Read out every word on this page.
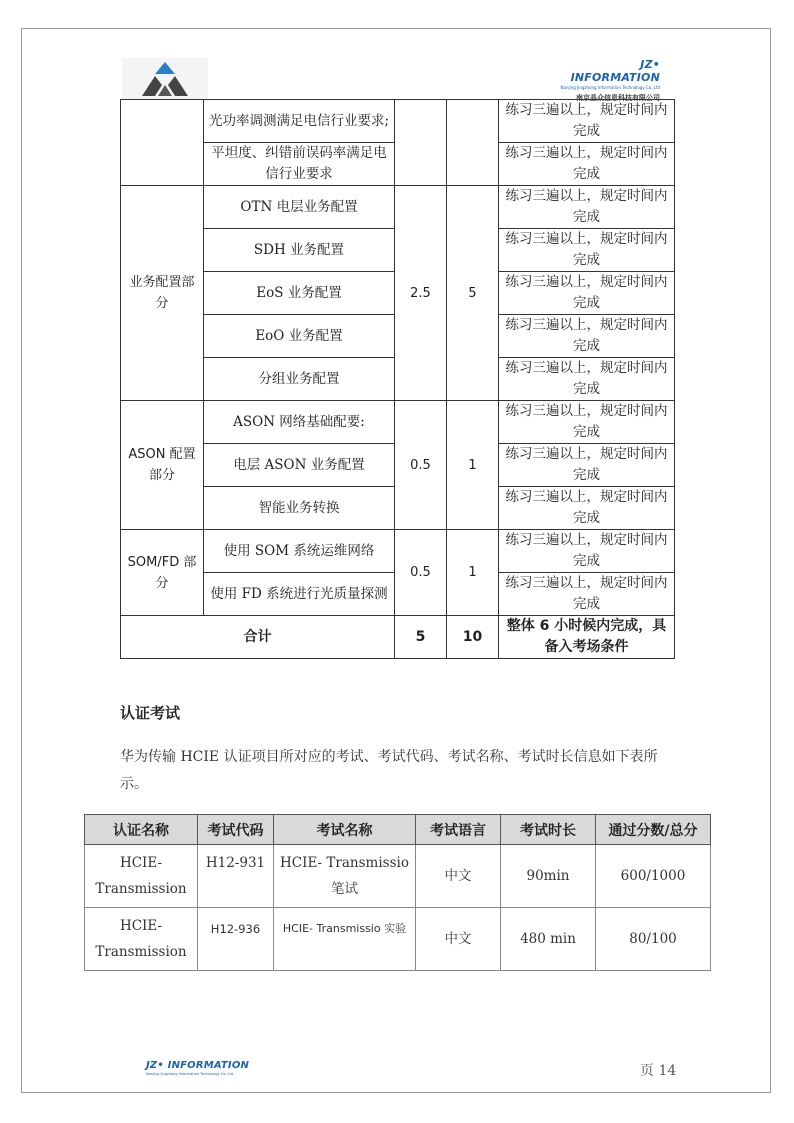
JZ• INFORMATION
Nanjing Jingzhong Information Technology Co.,Ltd
南京晶众信息科技有限公司
	光功率调测满足电信行业要求;			练习三遍以上，规定时间内完成
	平坦度、纠错前误码率满足电信行业要求			练习三遍以上，规定时间内完成
业务配置部分	OTN 电层业务配置	2.5	5	练习三遍以上，规定时间内完成
	SDH 业务配置			练习三遍以上，规定时间内完成
	EoS 业务配置			练习三遍以上，规定时间内完成
	EoO 业务配置			练习三遍以上，规定时间内完成
	分组业务配置			练习三遍以上，规定时间内完成
ASON 配置部分	ASON 网络基础配要:	0.5	1	练习三遍以上，规定时间内完成
	电层 ASON 业务配置			练习三遍以上，规定时间内完成
	智能业务转换			练习三遍以上，规定时间内完成
SOM/FD 部分	使用 SOM 系统运维网络	0.5	1	练习三遍以上，规定时间内完成
	使用 FD 系统进行光质量探测			练习三遍以上，规定时间内完成
合计		5	10	整体 6 小时候内完成，具备入考场条件
认证考试
华为传输 HCIE 认证项目所对应的考试、考试代码、考试名称、考试时长信息如下表所示。
认证名称	考试代码	考试名称	考试语言	考试时长	通过分数/总分
HCIE-Transmission	H12-931	HCIE- Transmissio 笔试	中文	90min	600/1000
HCIE-Transmission	H12-936	HCIE- Transmissio 实验	中文	480 min	80/100
JZ• INFORMATION
Nanjing Jingzhong Information Technology Co.,Ltd	页 14
